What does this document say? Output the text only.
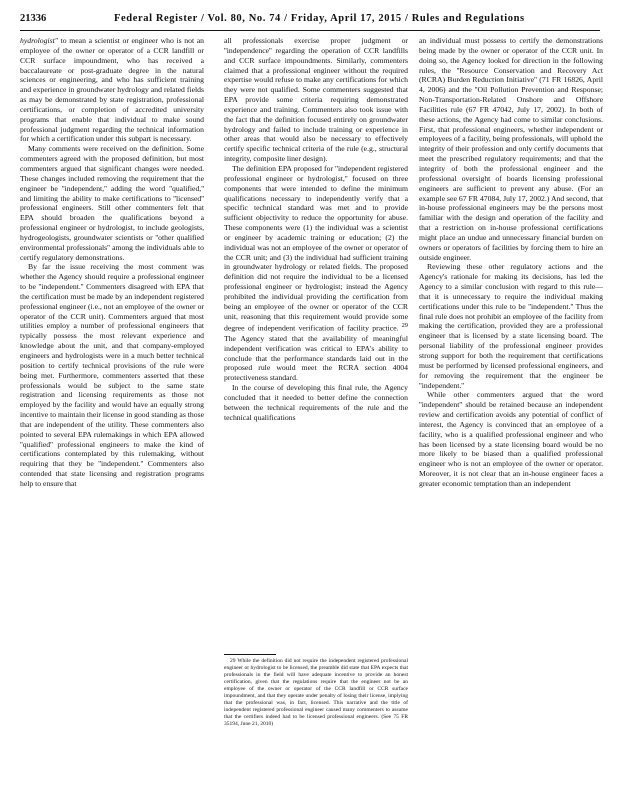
21336	Federal Register / Vol. 80, No. 74 / Friday, April 17, 2015 / Rules and Regulations

hydrologist'' to mean a scientist or engineer who is not an employee of the owner or operator of a CCR landfill or CCR surface impoundment, who has received a baccalaureate or post-graduate degree in the natural sciences or engineering, and who has sufficient training and experience in groundwater hydrology and related fields as may be demonstrated by state registration, professional certifications, or completion of accredited university programs that enable that individual to make sound professional judgment regarding the technical information for which a certification under this subpart is necessary.

Many comments were received on the definition. Some commenters agreed with the proposed definition, but most commenters argued that significant changes were needed. These changes included removing the requirement that the engineer be ''independent,'' adding the word ''qualified,'' and limiting the ability to make certifications to ''licensed'' professional engineers. Still other commenters felt that EPA should broaden the qualifications beyond a professional engineer or hydrologist, to include geologists, hydrogeologists, groundwater scientists or ''other qualified environmental professionals'' among the individuals able to certify regulatory demonstrations.

By far the issue receiving the most comment was whether the Agency should require a professional engineer to be ''independent.'' Commenters disagreed with EPA that the certification must be made by an independent registered professional engineer (i.e., not an employee of the owner or operator of the CCR unit). Commenters argued that most utilities employ a number of professional engineers that typically possess the most relevant experience and knowledge about the unit, and that company-employed engineers and hydrologists were in a much better technical position to certify technical provisions of the rule were being met. Furthermore, commenters asserted that these professionals would be subject to the same state registration and licensing requirements as those not employed by the facility and would have an equally strong incentive to maintain their license in good standing as those that are independent of the utility. These commenters also pointed to several EPA rulemakings in which EPA allowed ''qualified'' professional engineers to make the kind of certifications contemplated by this rulemaking, without requiring that they be ''independent.'' Commenters also contended that state licensing and registration programs help to ensure that

all professionals exercise proper judgment or ''independence'' regarding the operation of CCR landfills and CCR surface impoundments. Similarly, commenters claimed that a professional engineer without the required expertise would refuse to make any certifications for which they were not qualified. Some commenters suggested that EPA provide some criteria requiring demonstrated experience and training. Commenters also took issue with the fact that the definition focused entirely on groundwater hydrology and failed to include training or experience in other areas that would also be necessary to effectively certify specific technical criteria of the rule (e.g., structural integrity, composite liner design).

The definition EPA proposed for ''independent registered professional engineer or hydrologist,'' focused on three components that were intended to define the minimum qualifications necessary to independently verify that a specific technical standard was met and to provide sufficient objectivity to reduce the opportunity for abuse. These components were (1) the individual was a scientist or engineer by academic training or education; (2) the individual was not an employee of the owner or operator of the CCR unit; and (3) the individual had sufficient training in groundwater hydrology or related fields. The proposed definition did not require the individual to be a licensed professional engineer or hydrologist; instead the Agency prohibited the individual providing the certification from being an employee of the owner or operator of the CCR unit, reasoning that this requirement would provide some degree of independent verification of facility practice. $^{29}$ The Agency stated that the availability of meaningful independent verification was critical to EPA's ability to conclude that the performance standards laid out in the proposed rule would meet the RCRA section 4004 protectiveness standard.

In the course of developing this final rule, the Agency concluded that it needed to better define the connection between the technical requirements of the rule and the technical qualifications

29 While the definition did not require the independent registered professional engineer or hydrologist to be licensed, the preamble did state that EPA expects that professionals in the field will have adequate incentive to provide an honest certification, given that the regulations require that the engineer not be an employee of the owner or operator of the CCR landfill or CCR surface impoundment, and that they operate under penalty of losing their license, implying that the professional was, in fact, licensed. This narrative and the title of independent registered professional engineer caused many commenters to assume that the certifiers indeed had to be licensed professional engineers. (See 75 FR 35194, June 21, 2010)

an individual must possess to certify the demonstrations being made by the owner or operator of the CCR unit. In doing so, the Agency looked for direction in the following rules, the ''Resource Conservation and Recovery Act (RCRA) Burden Reduction Initiative'' (71 FR 16826, April 4, 2006) and the ''Oil Pollution Prevention and Response; Non-Transportation-Related Onshore and Offshore Facilities rule (67 FR 47042, July 17, 2002). In both of these actions, the Agency had come to similar conclusions. First, that professional engineers, whether independent or employees of a facility, being professionals, will uphold the integrity of their profession and only certify documents that meet the prescribed regulatory requirements; and that the integrity of both the professional engineer and the professional oversight of boards licensing professional engineers are sufficient to prevent any abuse. (For an example see 67 FR 47084, July 17, 2002.) And second, that in-house professional engineers may be the persons most familiar with the design and operation of the facility and that a restriction on in-house professional certifications might place an undue and unnecessary financial burden on owners or operators of facilities by forcing them to hire an outside engineer.

Reviewing these other regulatory actions and the Agency's rationale for making its decisions, has led the Agency to a similar conclusion with regard to this rule—that it is unnecessary to require the individual making certifications under this rule to be ''independent.'' Thus the final rule does not prohibit an employee of the facility from making the certification, provided they are a professional engineer that is licensed by a state licensing board. The personal liability of the professional engineer provides strong support for both the requirement that certifications must be performed by licensed professional engineers, and for removing the requirement that the engineer be ''independent.''

While other commenters argued that the word ''independent'' should be retained because an independent review and certification avoids any potential of conflict of interest, the Agency is convinced that an employee of a facility, who is a qualified professional engineer and who has been licensed by a state licensing board would be no more likely to be biased than a qualified professional engineer who is not an employee of the owner or operator. Moreover, it is not clear that an in-house engineer faces a greater economic temptation than an independent
